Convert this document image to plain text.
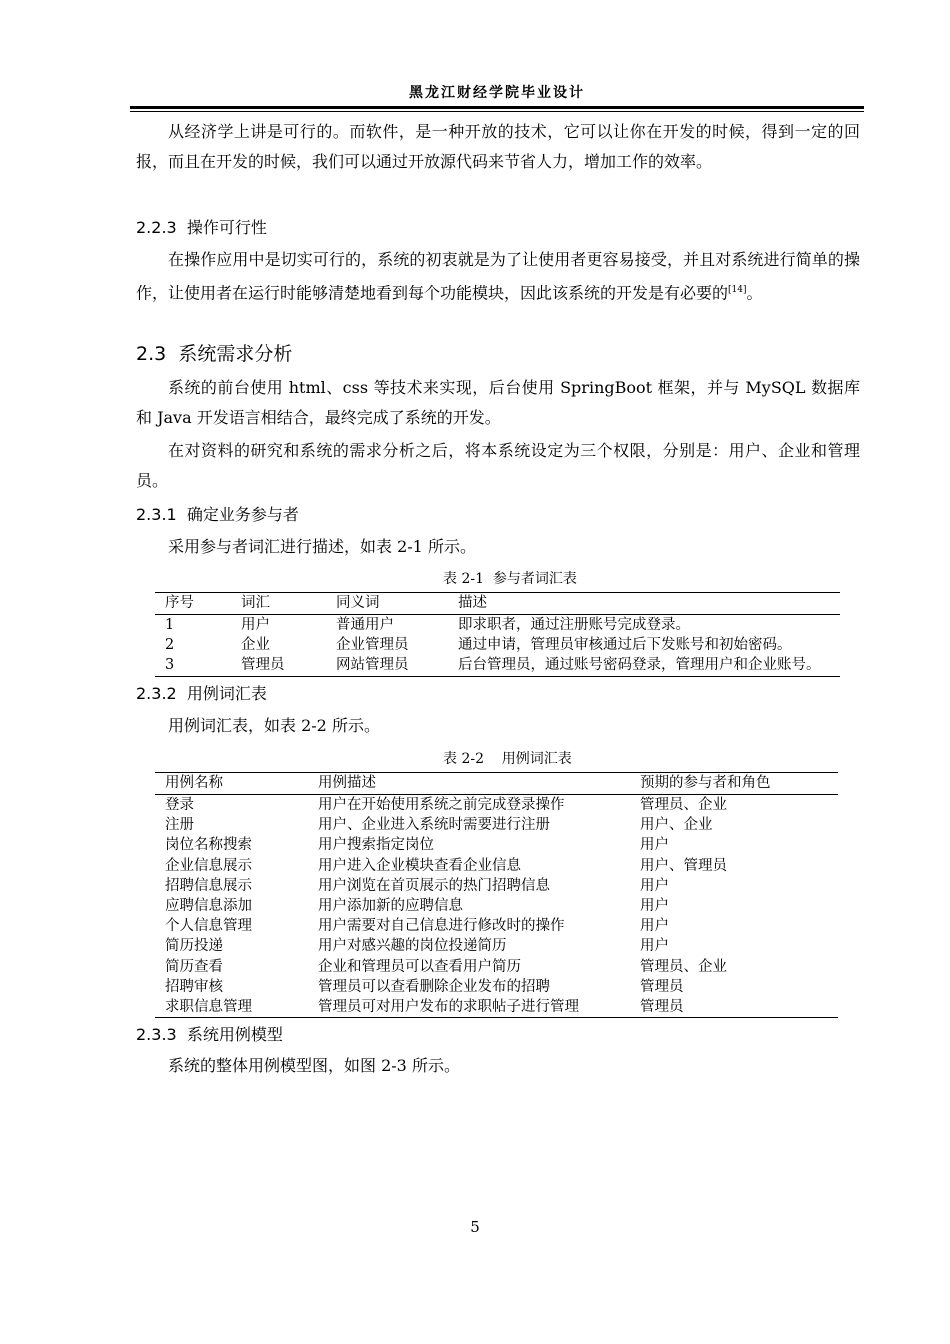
黑龙江财经学院毕业设计

从经济学上讲是可行的。而软件，是一种开放的技术，它可以让你在开发的时候，得到一定的回报，而且在开发的时候，我们可以通过开放源代码来节省人力，增加工作的效率。

2.2.3 操作可行性

在操作应用中是切实可行的，系统的初衷就是为了让使用者更容易接受，并且对系统进行简单的操作，让使用者在运行时能够清楚地看到每个功能模块，因此该系统的开发是有必要的[14]。

2.3 系统需求分析

系统的前台使用 html、css 等技术来实现，后台使用 SpringBoot 框架，并与 MySQL 数据库和 Java 开发语言相结合，最终完成了系统的开发。

在对资料的研究和系统的需求分析之后，将本系统设定为三个权限，分别是：用户、企业和管理员。

2.3.1 确定业务参与者

采用参与者词汇进行描述，如表 2-1 所示。

表 2-1  参与者词汇表
序号	词汇	同义词	描述
1	用户	普通用户	即求职者，通过注册账号完成登录。
2	企业	企业管理员	通过申请，管理员审核通过后下发账号和初始密码。
3	管理员	网站管理员	后台管理员，通过账号密码登录，管理用户和企业账号。
2.3.2 用例词汇表

用例词汇表，如表 2-2 所示。

表 2-2    用例词汇表
用例名称	用例描述	预期的参与者和角色
登录	用户在开始使用系统之前完成登录操作	管理员、企业
注册	用户、企业进入系统时需要进行注册	用户、企业
岗位名称搜索	用户搜索指定岗位	用户
企业信息展示	用户进入企业模块查看企业信息	用户、管理员
招聘信息展示	用户浏览在首页展示的热门招聘信息	用户
应聘信息添加	用户添加新的应聘信息	用户
个人信息管理	用户需要对自己信息进行修改时的操作	用户
简历投递	用户对感兴趣的岗位投递简历	用户
简历查看	企业和管理员可以查看用户简历	管理员、企业
招聘审核	管理员可以查看删除企业发布的招聘	管理员
求职信息管理	管理员可对用户发布的求职帖子进行管理	管理员
2.3.3 系统用例模型

系统的整体用例模型图，如图 2-3 所示。

5
